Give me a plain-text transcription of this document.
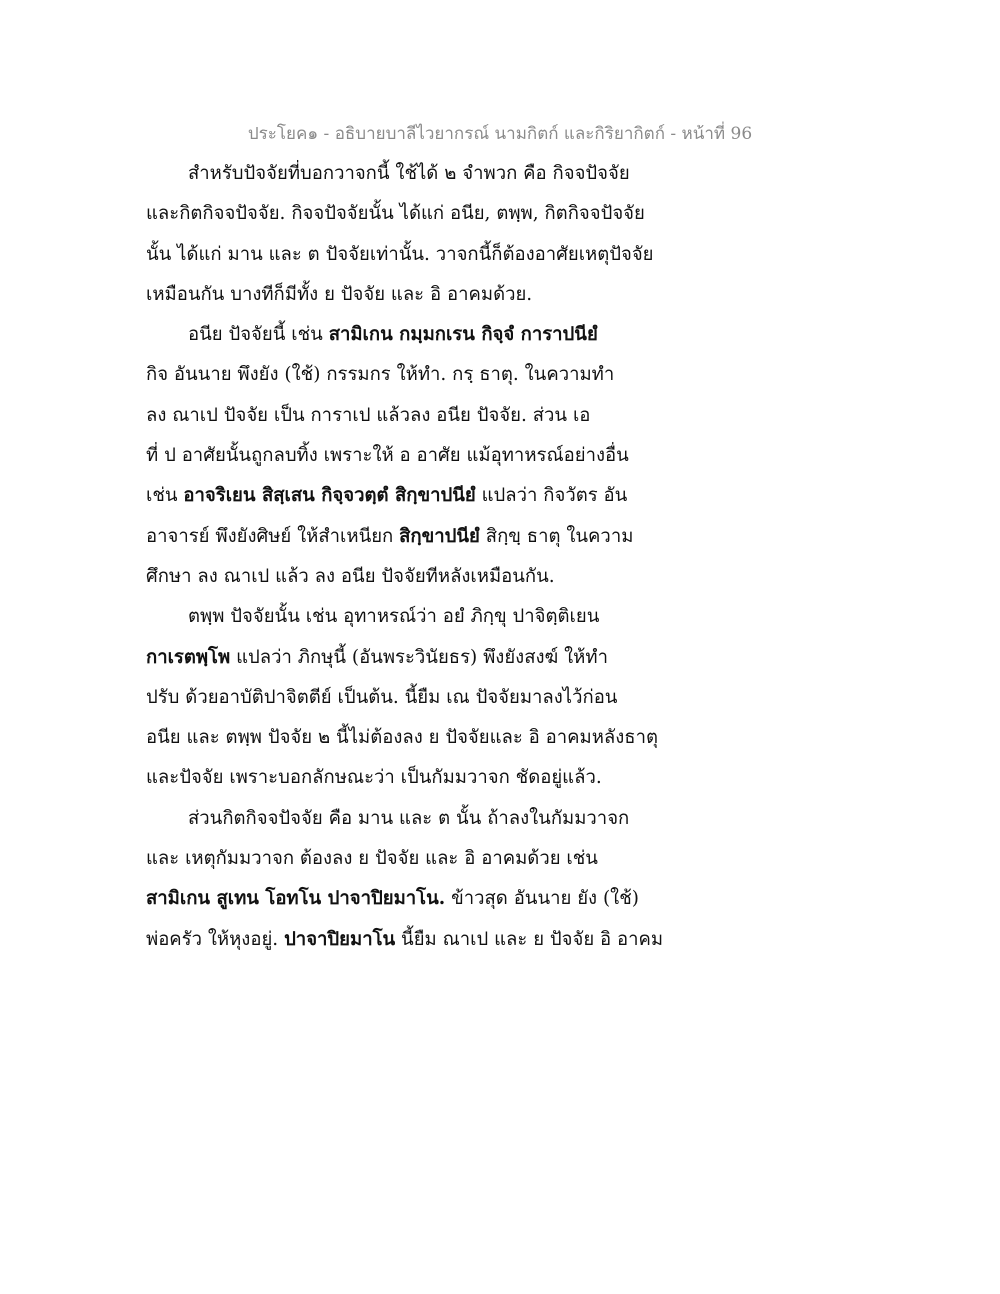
ประโยค๑ - อธิบายบาลีไวยากรณ์ นามกิตก์ และกิริยากิตก์ - หน้าที่ 96
สำหรับปัจจัยที่บอกวาจกนี้ ใช้ได้ ๒ จำพวก คือ กิจจปัจจัย
และกิตกิจจปัจจัย. กิจจปัจจัยนั้น ได้แก่ อนีย, ตพฺพ, กิตกิจจปัจจัย
นั้น ได้แก่ มาน และ ต ปัจจัยเท่านั้น. วาจกนี้ก็ต้องอาศัยเหตุปัจจัย
เหมือนกัน บางทีก็มีทั้ง ย ปัจจัย และ อิ อาคมด้วย.
อนีย ปัจจัยนี้ เช่น สามิเกน กมฺมกเรน กิจฺจํ การาปนียํ
กิจ อันนาย พึงยัง (ใช้) กรรมกร ให้ทำ. กรฺ ธาตุ. ในความทำ
ลง ณาเป ปัจจัย เป็น การาเป แล้วลง อนีย ปัจจัย. ส่วน เอ
ที่ ป อาศัยนั้นถูกลบทิ้ง เพราะให้ อ อาศัย แม้อุทาหรณ์อย่างอื่น
เช่น อาจริเยน สิสฺเสน กิจฺจวตฺตํ สิกฺขาปนียํ แปลว่า กิจวัตร อัน
อาจารย์ พึงยังศิษย์ ให้สำเหนียก สิกฺขาปนียํ สิกฺขฺ ธาตุ ในความ
ศึกษา ลง ณาเป แล้ว ลง อนีย ปัจจัยทีหลังเหมือนกัน.
ตพฺพ ปัจจัยนั้น เช่น อุทาหรณ์ว่า อยํ ภิกฺขุ ปาจิตฺติเยน
กาเรตพฺโพ แปลว่า ภิกษุนี้ (อันพระวินัยธร) พึงยังสงฆ์ ให้ทำ
ปรับ ด้วยอาบัติปาจิตตีย์ เป็นต้น. นี้ยืม เณ ปัจจัยมาลงไว้ก่อน
อนีย และ ตพฺพ ปัจจัย ๒ นี้ไม่ต้องลง ย ปัจจัยและ อิ อาคมหลังธาตุ
และปัจจัย เพราะบอกลักษณะว่า เป็นกัมมวาจก ชัดอยู่แล้ว.
ส่วนกิตกิจจปัจจัย คือ มาน และ ต นั้น ถ้าลงในกัมมวาจก
และ เหตุกัมมวาจก ต้องลง ย ปัจจัย และ อิ อาคมด้วย เช่น
สามิเกน สูเทน โอทโน ปาจาปิยมาโน. ข้าวสุด อันนาย ยัง (ใช้)
พ่อครัว ให้หุงอยู่. ปาจาปิยมาโน นี้ยืม ณาเป และ ย ปัจจัย อิ อาคม
